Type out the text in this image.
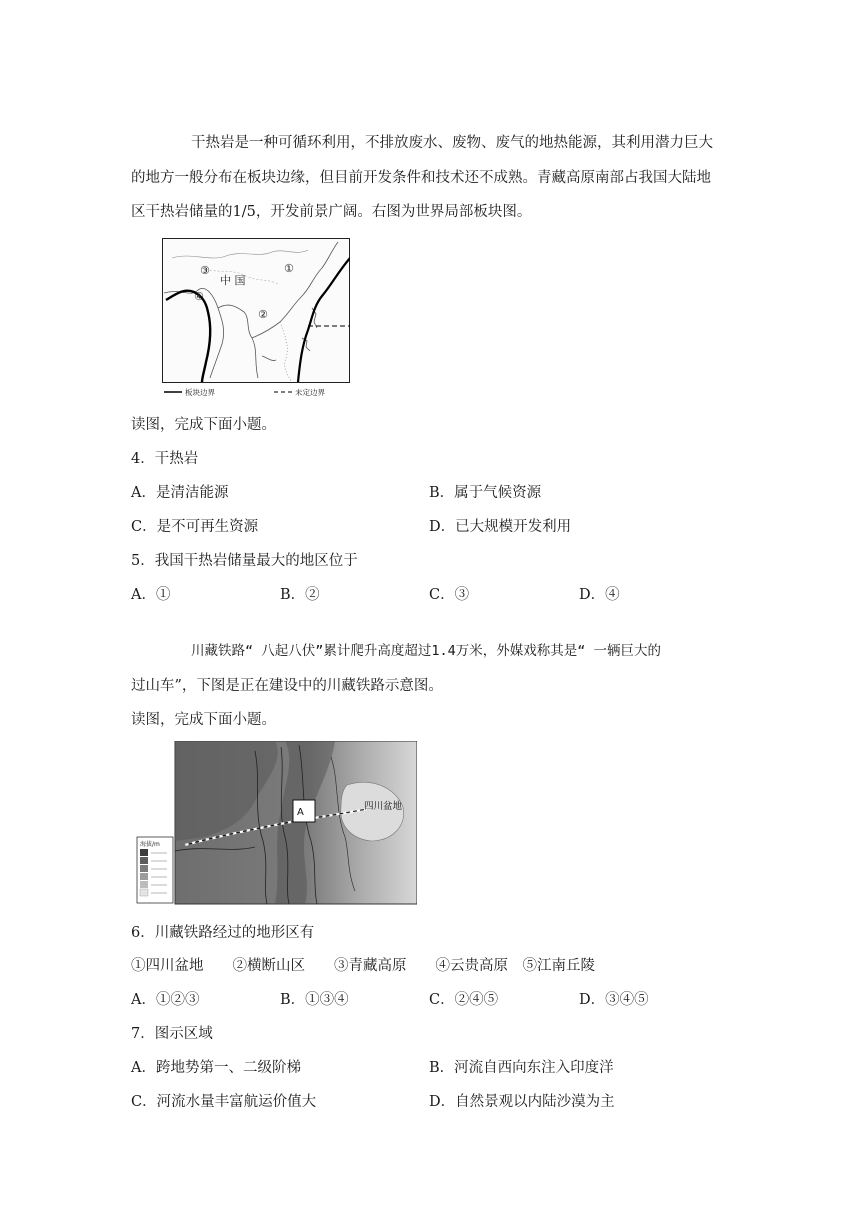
干热岩是一种可循环利用，不排放废水、废物、废气的地热能源，其利用潜力巨大
的地方一般分布在板块边缘，但目前开发条件和技术还不成熟。青藏高原南部占我国大陆地
区干热岩储量的1/5，开发前景广阔。右图为世界局部板块图。
中 国
①
②
③
④
板块边界	未定边界
读图，完成下面小题。
4．干热岩
A．是清洁能源	B．属于气候资源
C．是不可再生资源	D．已大规模开发利用
5．我国干热岩储量最大的地区位于
A．①	B．②	C．③	D．④
川藏铁路“ 八起八伏”累计爬升高度超过1.4万米，外媒戏称其是“ 一辆巨大的
过山车”，下图是正在建设中的川藏铁路示意图。
读图，完成下面小题。
A
四川盆地
海拔/m
6．川藏铁路经过的地形区有
①四川盆地　　②横断山区　　③青藏高原　　④云贵高原　⑤江南丘陵
A．①②③	B．①③④	C．②④⑤	D．③④⑤
7．图示区域
A．跨地势第一、二级阶梯	B．河流自西向东注入印度洋
C．河流水量丰富航运价值大	D．自然景观以内陆沙漠为主
